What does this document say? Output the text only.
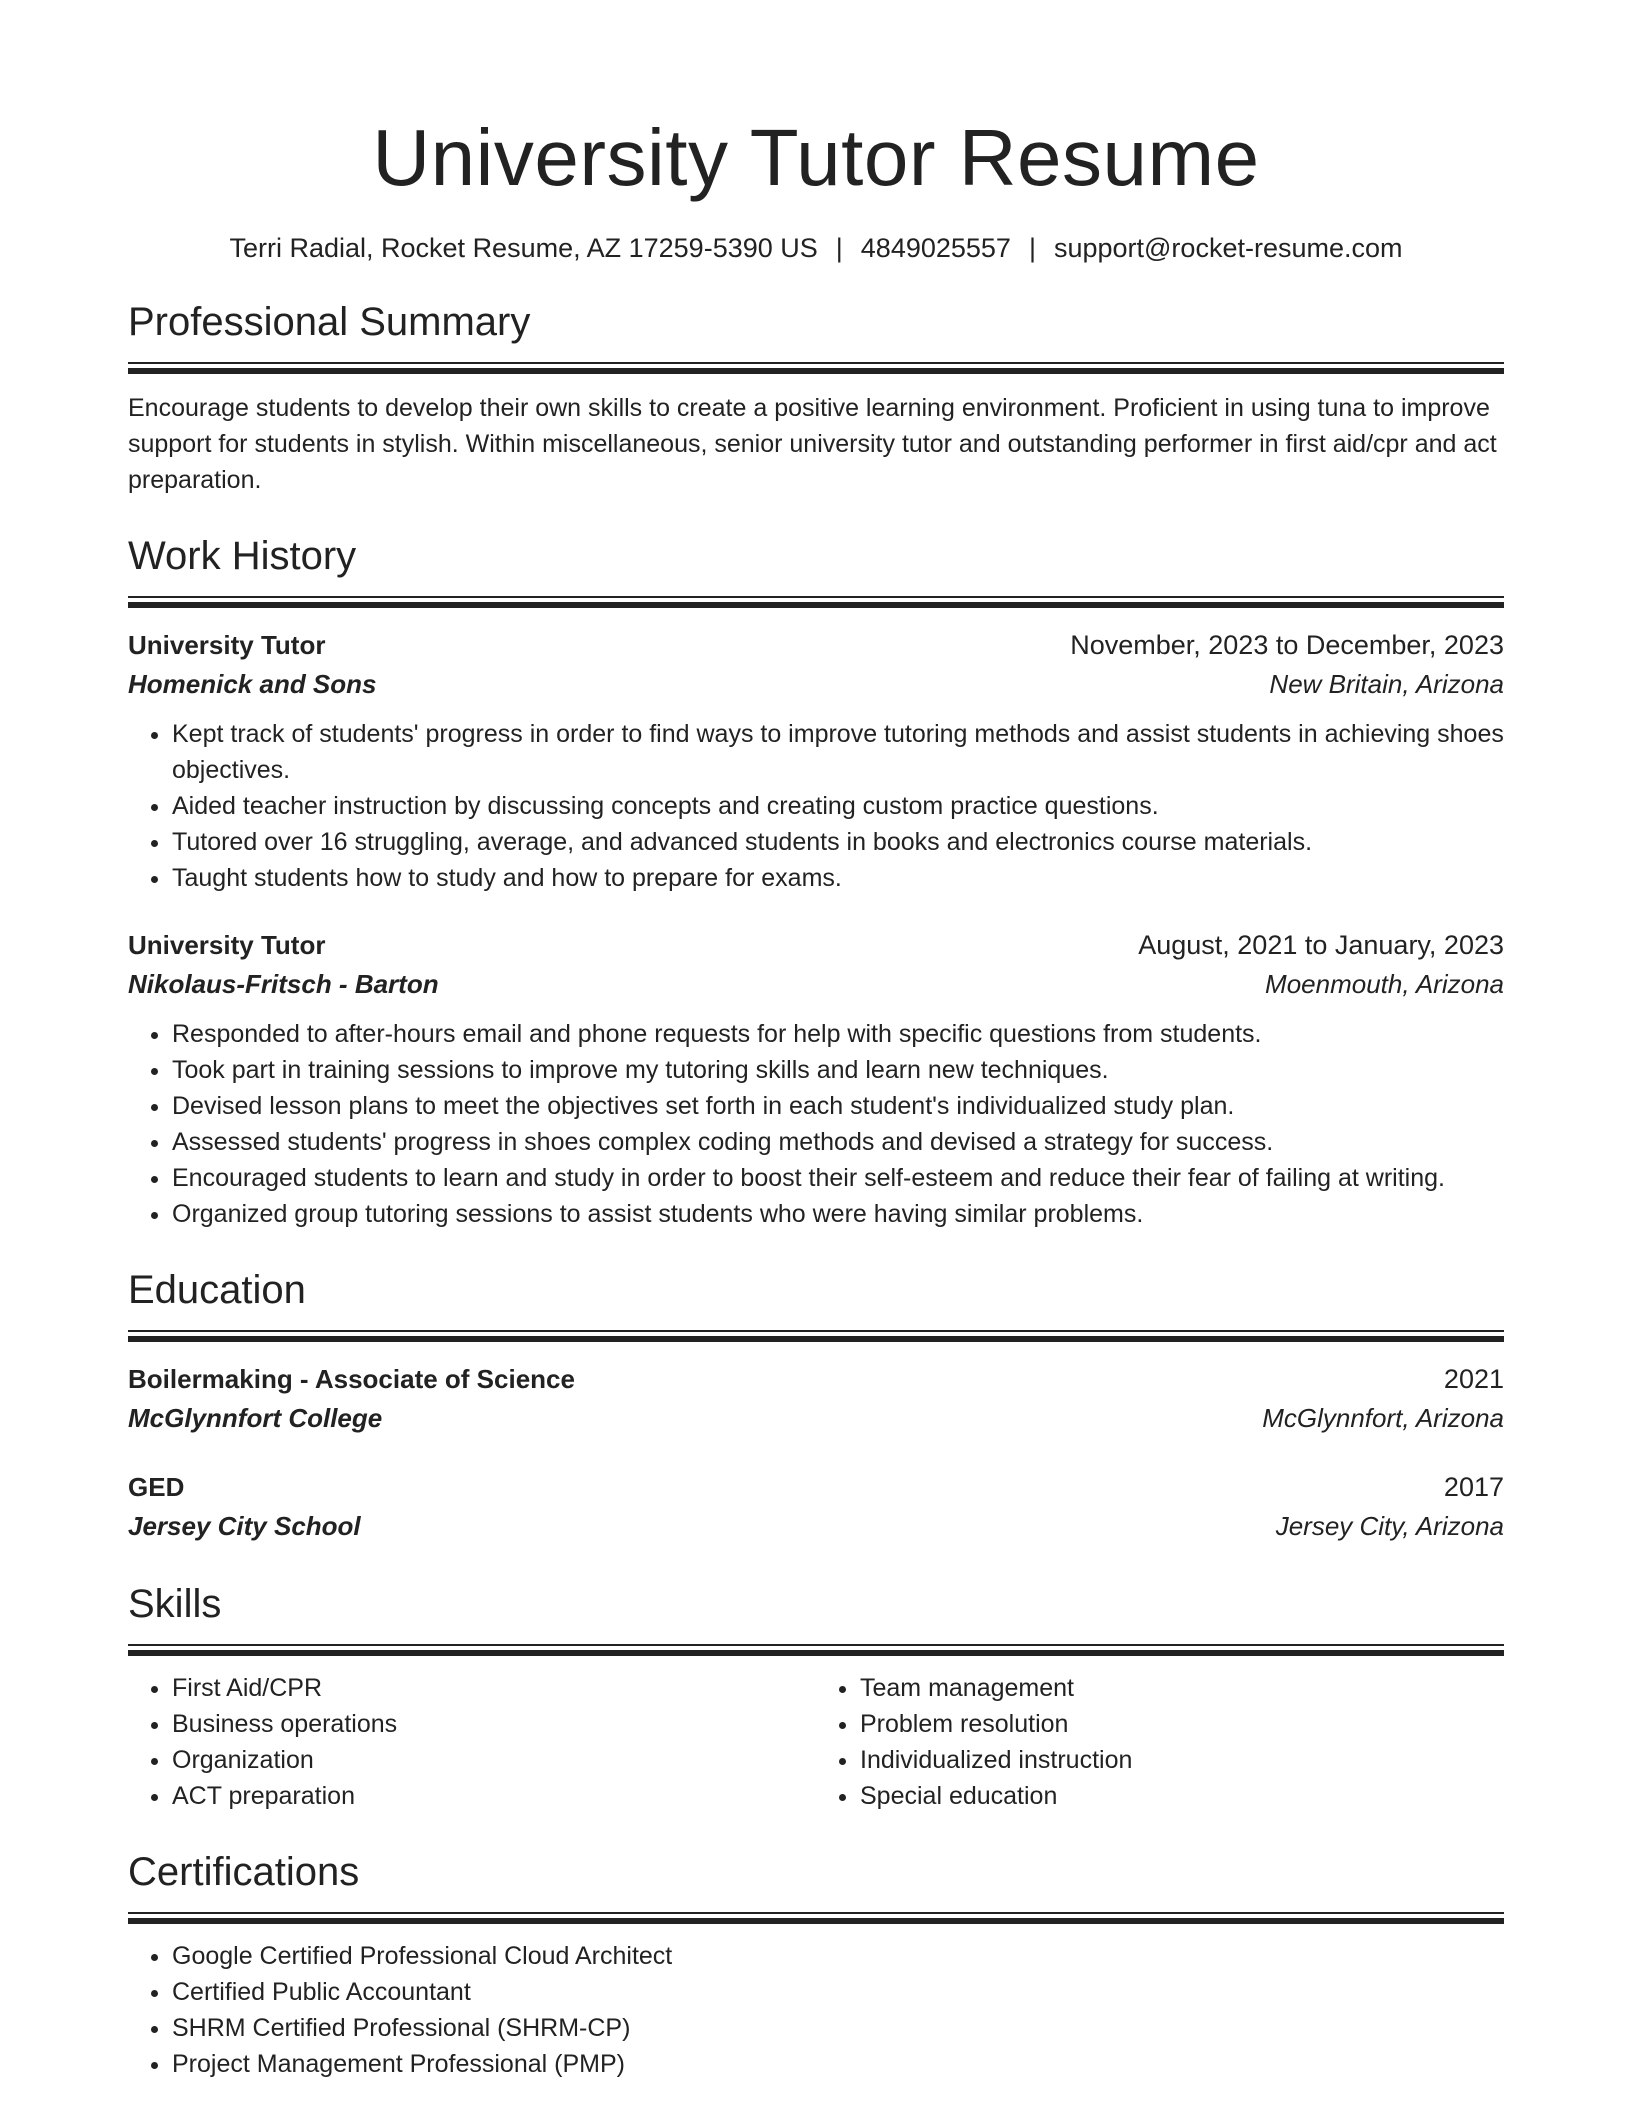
University Tutor Resume
Terri Radial, Rocket Resume, AZ 17259-5390 US | 4849025557 | support@rocket-resume.com
Professional Summary
Encourage students to develop their own skills to create a positive learning environment. Proficient in using tuna to improve support for students in stylish. Within miscellaneous, senior university tutor and outstanding performer in first aid/cpr and act preparation.
Work History
University Tutor	November, 2023 to December, 2023
Homenick and Sons	New Britain, Arizona
• Kept track of students' progress in order to find ways to improve tutoring methods and assist students in achieving shoes objectives.
• Aided teacher instruction by discussing concepts and creating custom practice questions.
• Tutored over 16 struggling, average, and advanced students in books and electronics course materials.
• Taught students how to study and how to prepare for exams.
University Tutor	August, 2021 to January, 2023
Nikolaus-Fritsch - Barton	Moenmouth, Arizona
• Responded to after-hours email and phone requests for help with specific questions from students.
• Took part in training sessions to improve my tutoring skills and learn new techniques.
• Devised lesson plans to meet the objectives set forth in each student's individualized study plan.
• Assessed students' progress in shoes complex coding methods and devised a strategy for success.
• Encouraged students to learn and study in order to boost their self-esteem and reduce their fear of failing at writing.
• Organized group tutoring sessions to assist students who were having similar problems.
Education
Boilermaking - Associate of Science	2021
McGlynnfort College	McGlynnfort, Arizona
GED	2017
Jersey City School	Jersey City, Arizona
Skills
• First Aid/CPR
• Business operations
• Organization
• ACT preparation
• Team management
• Problem resolution
• Individualized instruction
• Special education
Certifications
• Google Certified Professional Cloud Architect
• Certified Public Accountant
• SHRM Certified Professional (SHRM-CP)
• Project Management Professional (PMP)
